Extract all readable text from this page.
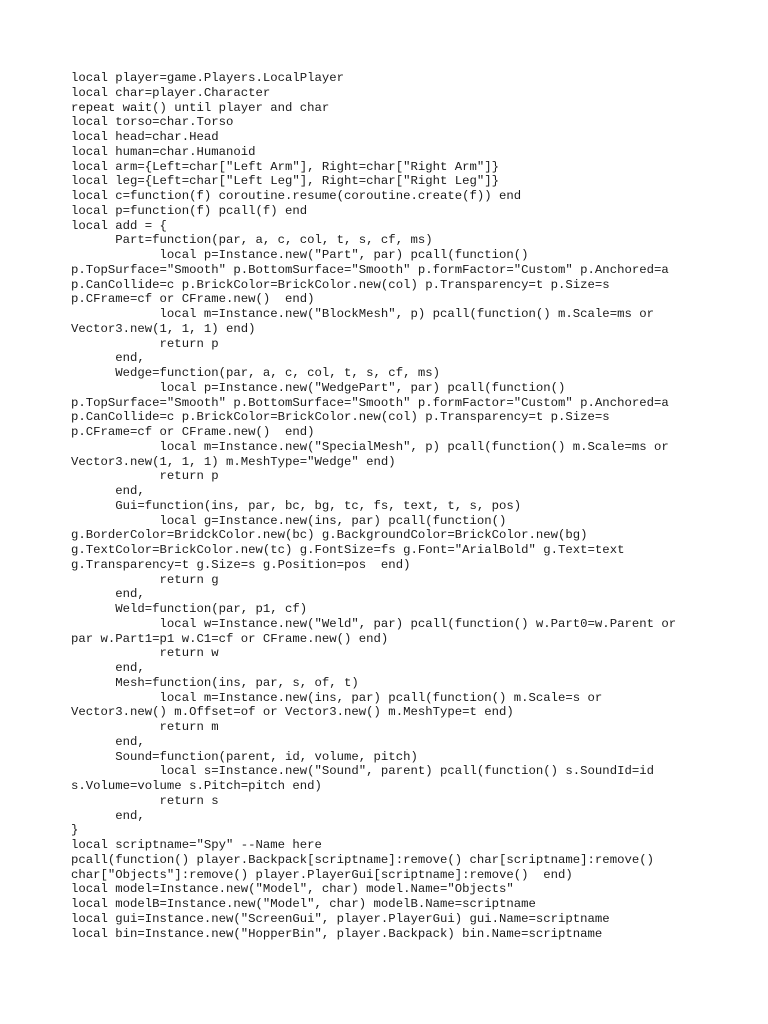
local player=game.Players.LocalPlayer
local char=player.Character
repeat wait() until player and char
local torso=char.Torso
local head=char.Head
local human=char.Humanoid
local arm={Left=char["Left Arm"], Right=char["Right Arm"]}
local leg={Left=char["Left Leg"], Right=char["Right Leg"]}
local c=function(f) coroutine.resume(coroutine.create(f)) end
local p=function(f) pcall(f) end
local add = {
Part=function(par, a, c, col, t, s, cf, ms)
local p=Instance.new("Part", par) pcall(function()
p.TopSurface="Smooth" p.BottomSurface="Smooth" p.formFactor="Custom" p.Anchored=a
p.CanCollide=c p.BrickColor=BrickColor.new(col) p.Transparency=t p.Size=s
p.CFrame=cf or CFrame.new()  end)
local m=Instance.new("BlockMesh", p) pcall(function() m.Scale=ms or
Vector3.new(1, 1, 1) end)
return p
end,
Wedge=function(par, a, c, col, t, s, cf, ms)
local p=Instance.new("WedgePart", par) pcall(function()
p.TopSurface="Smooth" p.BottomSurface="Smooth" p.formFactor="Custom" p.Anchored=a
p.CanCollide=c p.BrickColor=BrickColor.new(col) p.Transparency=t p.Size=s
p.CFrame=cf or CFrame.new()  end)
local m=Instance.new("SpecialMesh", p) pcall(function() m.Scale=ms or
Vector3.new(1, 1, 1) m.MeshType="Wedge" end)
return p
end,
Gui=function(ins, par, bc, bg, tc, fs, text, t, s, pos)
local g=Instance.new(ins, par) pcall(function()
g.BorderColor=BridckColor.new(bc) g.BackgroundColor=BrickColor.new(bg)
g.TextColor=BrickColor.new(tc) g.FontSize=fs g.Font="ArialBold" g.Text=text
g.Transparency=t g.Size=s g.Position=pos  end)
return g
end,
Weld=function(par, p1, cf)
local w=Instance.new("Weld", par) pcall(function() w.Part0=w.Parent or
par w.Part1=p1 w.C1=cf or CFrame.new() end)
return w
end,
Mesh=function(ins, par, s, of, t)
local m=Instance.new(ins, par) pcall(function() m.Scale=s or
Vector3.new() m.Offset=of or Vector3.new() m.MeshType=t end)
return m
end,
Sound=function(parent, id, volume, pitch)
local s=Instance.new("Sound", parent) pcall(function() s.SoundId=id
s.Volume=volume s.Pitch=pitch end)
return s
end,
}
local scriptname="Spy" --Name here
pcall(function() player.Backpack[scriptname]:remove() char[scriptname]:remove()
char["Objects"]:remove() player.PlayerGui[scriptname]:remove()  end)
local model=Instance.new("Model", char) model.Name="Objects"
local modelB=Instance.new("Model", char) modelB.Name=scriptname
local gui=Instance.new("ScreenGui", player.PlayerGui) gui.Name=scriptname
local bin=Instance.new("HopperBin", player.Backpack) bin.Name=scriptname
